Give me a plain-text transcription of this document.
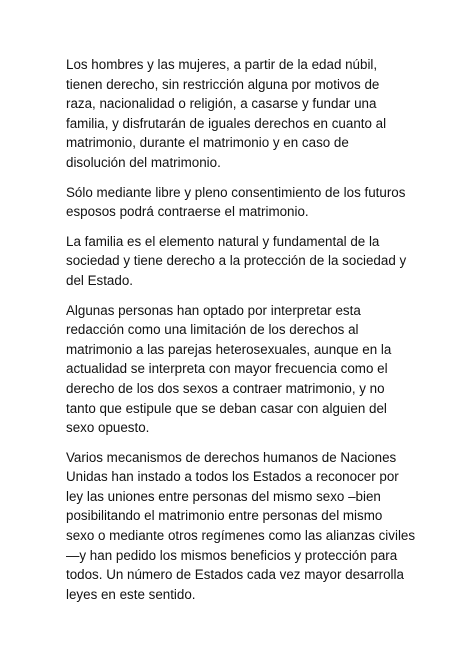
Los hombres y las mujeres, a partir de la edad núbil,
tienen derecho, sin restricción alguna por motivos de
raza, nacionalidad o religión, a casarse y fundar una
familia, y disfrutarán de iguales derechos en cuanto al
matrimonio, durante el matrimonio y en caso de
disolución del matrimonio.

Sólo mediante libre y pleno consentimiento de los futuros
esposos podrá contraerse el matrimonio.

La familia es el elemento natural y fundamental de la
sociedad y tiene derecho a la protección de la sociedad y
del Estado.

Algunas personas han optado por interpretar esta
redacción como una limitación de los derechos al
matrimonio a las parejas heterosexuales, aunque en la
actualidad se interpreta con mayor frecuencia como el
derecho de los dos sexos a contraer matrimonio, y no
tanto que estipule que se deban casar con alguien del
sexo opuesto.

Varios mecanismos de derechos humanos de Naciones
Unidas han instado a todos los Estados a reconocer por
ley las uniones entre personas del mismo sexo –bien
posibilitando el matrimonio entre personas del mismo
sexo o mediante otros regímenes como las alianzas civiles
—y han pedido los mismos beneficios y protección para
todos. Un número de Estados cada vez mayor desarrolla
leyes en este sentido.
